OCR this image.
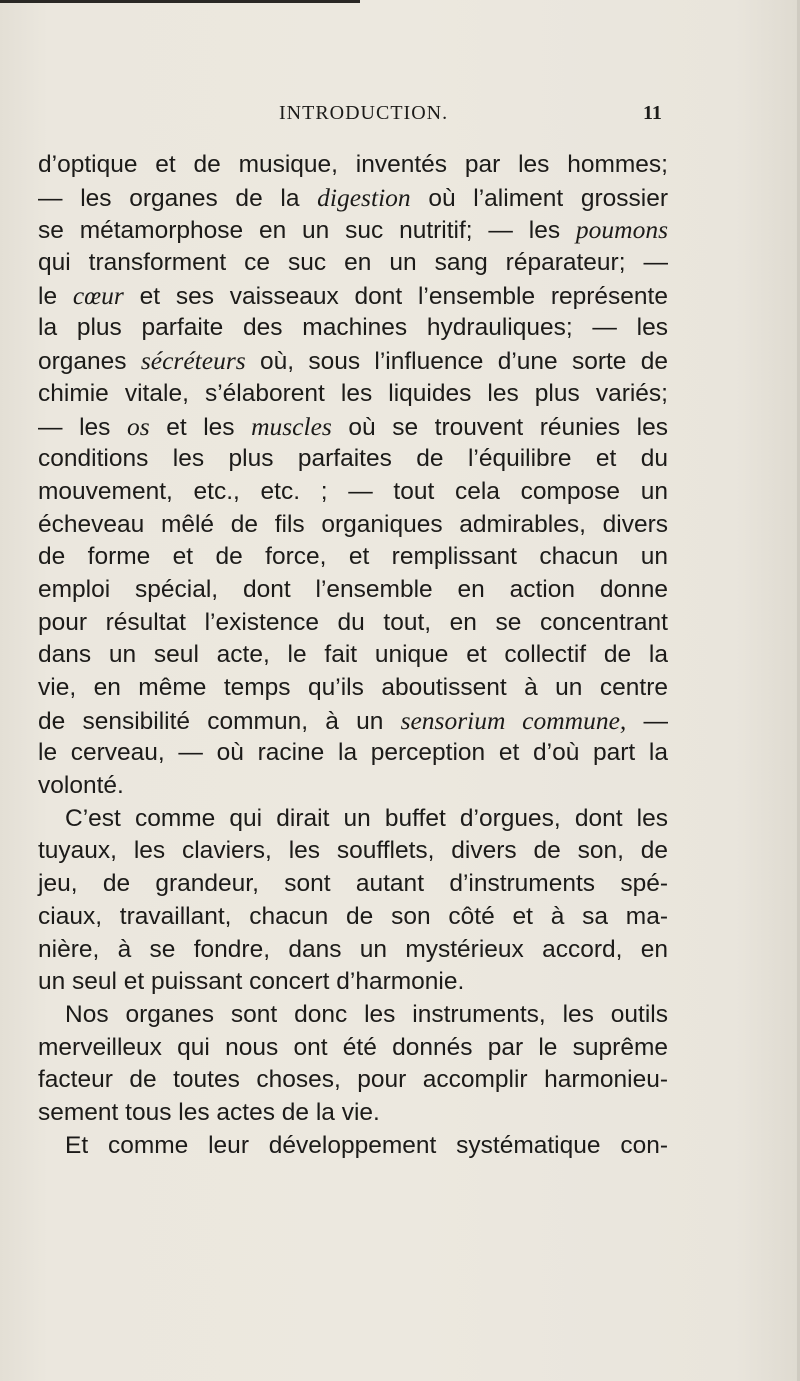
INTRODUCTION.	11
d’optique et de musique, inventés par les hommes;
— les organes de la digestion où l’aliment grossier
se métamorphose en un suc nutritif; — les poumons
qui transforment ce suc en un sang réparateur; —
le cœur et ses vaisseaux dont l’ensemble représente
la plus parfaite des machines hydrauliques; — les
organes sécréteurs où, sous l’influence d’une sorte de
chimie vitale, s’élaborent les liquides les plus variés;
— les os et les muscles où se trouvent réunies les
conditions les plus parfaites de l’équilibre et du
mouvement, etc., etc. ; — tout cela compose un
écheveau mêlé de fils organiques admirables, divers
de forme et de force, et remplissant chacun un
emploi spécial, dont l’ensemble en action donne
pour résultat l’existence du tout, en se concentrant
dans un seul acte, le fait unique et collectif de la
vie, en même temps qu’ils aboutissent à un centre
de sensibilité commun, à un sensorium commune, —
le cerveau, — où racine la perception et d’où part la
volonté.
C’est comme qui dirait un buffet d’orgues, dont les
tuyaux, les claviers, les soufflets, divers de son, de
jeu, de grandeur, sont autant d’instruments spé-
ciaux, travaillant, chacun de son côté et à sa ma-
nière, à se fondre, dans un mystérieux accord, en
un seul et puissant concert d’harmonie.
Nos organes sont donc les instruments, les outils
merveilleux qui nous ont été donnés par le suprême
facteur de toutes choses, pour accomplir harmonieu-
sement tous les actes de la vie.
Et comme leur développement systématique con-
